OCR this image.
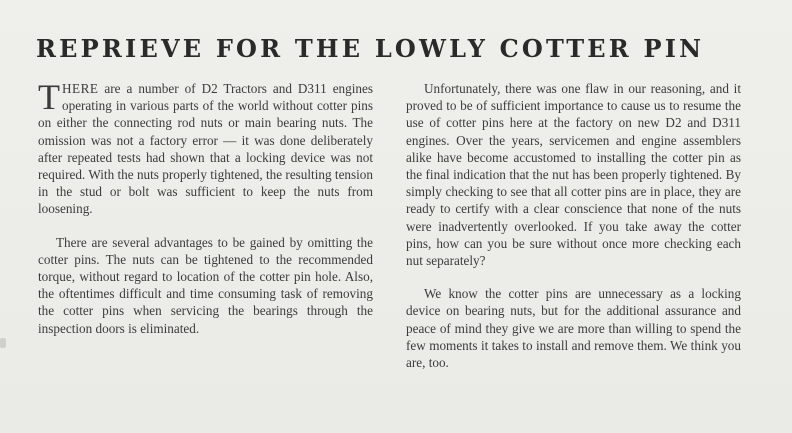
REPRIEVE FOR THE LOWLY COTTER PIN

THERE are a number of D2 Tractors and D311 engines operating in various parts of the world without cotter pins on either the connecting rod nuts or main bearing nuts. The omission was not a factory error — it was done deliberately after repeated tests had shown that a locking device was not required. With the nuts properly tightened, the resulting tension in the stud or bolt was sufficient to keep the nuts from loosening.

There are several advantages to be gained by omitting the cotter pins. The nuts can be tightened to the recommended torque, without regard to location of the cotter pin hole. Also, the oftentimes difficult and time consuming task of removing the cotter pins when servicing the bearings through the inspection doors is eliminated.

Unfortunately, there was one flaw in our reasoning, and it proved to be of sufficient importance to cause us to resume the use of cotter pins here at the factory on new D2 and D311 engines. Over the years, servicemen and engine assemblers alike have become accustomed to installing the cotter pin as the final indication that the nut has been properly tightened. By simply checking to see that all cotter pins are in place, they are ready to certify with a clear conscience that none of the nuts were inadvertently overlooked. If you take away the cotter pins, how can you be sure without once more checking each nut separately?

We know the cotter pins are unnecessary as a locking device on bearing nuts, but for the additional assurance and peace of mind they give we are more than willing to spend the few moments it takes to install and remove them. We think you are, too.
